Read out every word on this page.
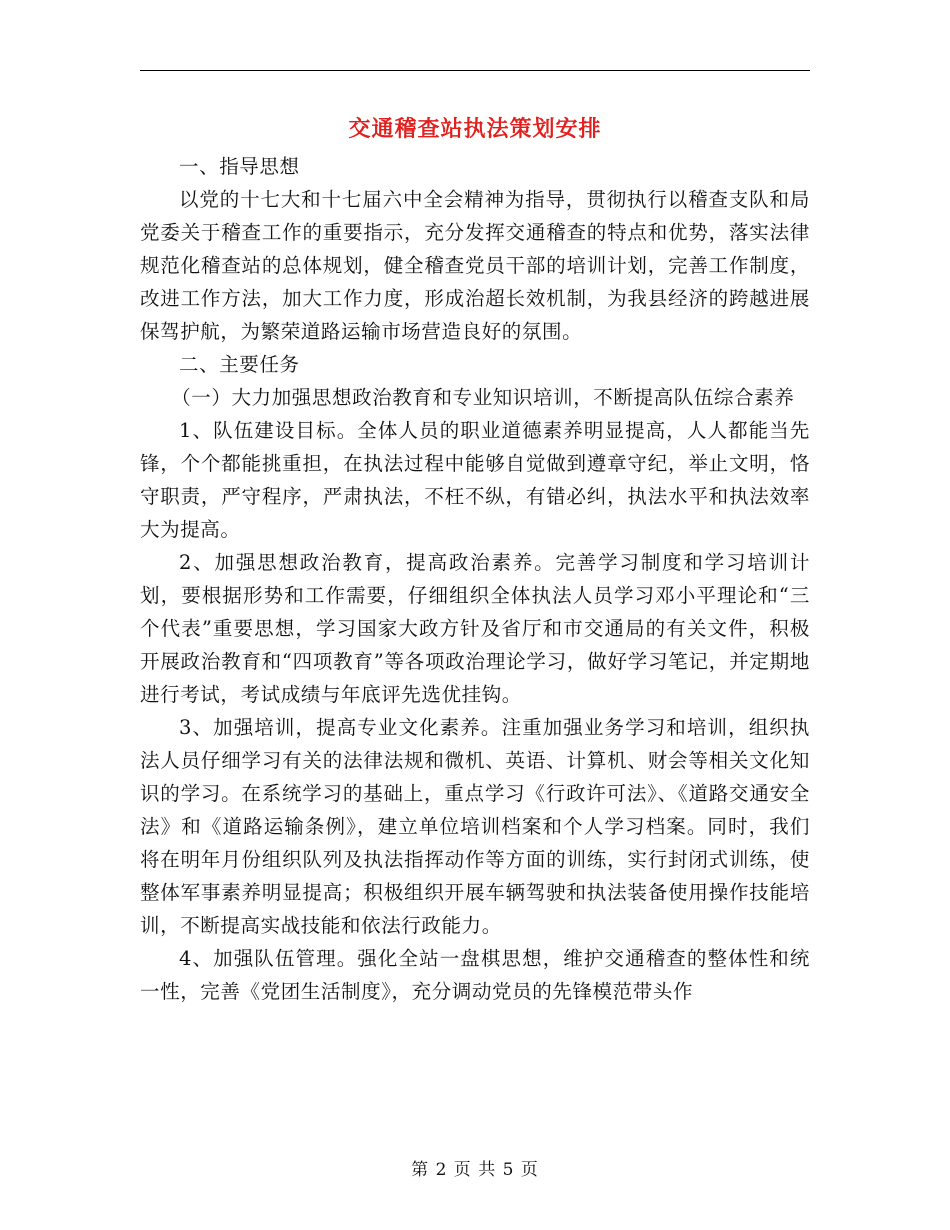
交通稽查站执法策划安排

一、指导思想

以党的十七大和十七届六中全会精神为指导，贯彻执行以稽查支队和局党委关于稽查工作的重要指示，充分发挥交通稽查的特点和优势，落实法律规范化稽查站的总体规划，健全稽查党员干部的培训计划，完善工作制度，改进工作方法，加大工作力度，形成治超长效机制，为我县经济的跨越进展保驾护航，为繁荣道路运输市场营造良好的氛围。

二、主要任务

（一）大力加强思想政治教育和专业知识培训，不断提高队伍综合素养

1、队伍建设目标。全体人员的职业道德素养明显提高，人人都能当先锋，个个都能挑重担，在执法过程中能够自觉做到遵章守纪，举止文明，恪守职责，严守程序，严肃执法，不枉不纵，有错必纠，执法水平和执法效率大为提高。

2、加强思想政治教育，提高政治素养。完善学习制度和学习培训计划，要根据形势和工作需要，仔细组织全体执法人员学习邓小平理论和“三个代表”重要思想，学习国家大政方针及省厅和市交通局的有关文件，积极开展政治教育和“四项教育”等各项政治理论学习，做好学习笔记，并定期地进行考试，考试成绩与年底评先选优挂钩。

3、加强培训，提高专业文化素养。注重加强业务学习和培训，组织执法人员仔细学习有关的法律法规和微机、英语、计算机、财会等相关文化知识的学习。在系统学习的基础上，重点学习《行政许可法》、《道路交通安全法》和《道路运输条例》，建立单位培训档案和个人学习档案。同时，我们将在明年月份组织队列及执法指挥动作等方面的训练，实行封闭式训练，使整体军事素养明显提高；积极组织开展车辆驾驶和执法装备使用操作技能培训，不断提高实战技能和依法行政能力。

4、加强队伍管理。强化全站一盘棋思想，维护交通稽查的整体性和统一性，完善《党团生活制度》，充分调动党员的先锋模范带头作

第 2 页 共 5 页
